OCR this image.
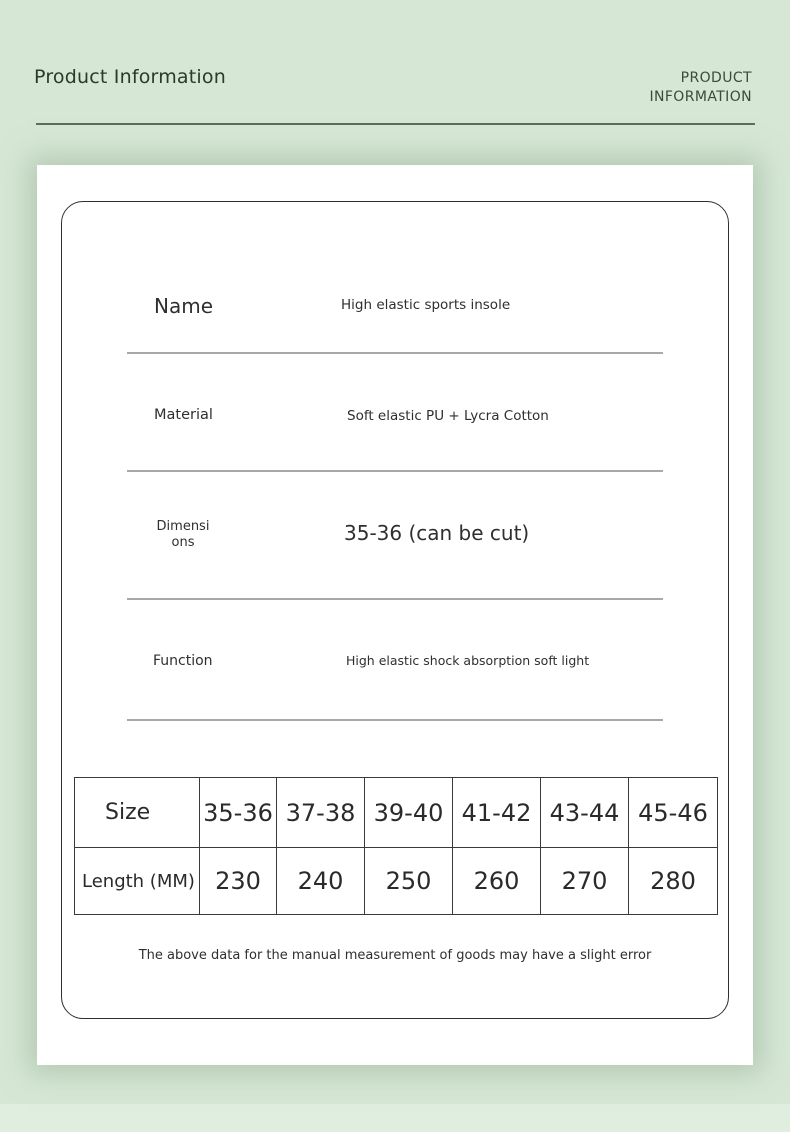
Product Information	PRODUCT
INFORMATION
Name	High elastic sports insole
Material	Soft elastic PU + Lycra Cotton
Dimensi
ons	35-36 (can be cut)
Function	High elastic shock absorption soft light
Size	35-36	37-38	39-40	41-42	43-44	45-46
Length (MM)	230	240	250	260	270	280
The above data for the manual measurement of goods may have a slight error
